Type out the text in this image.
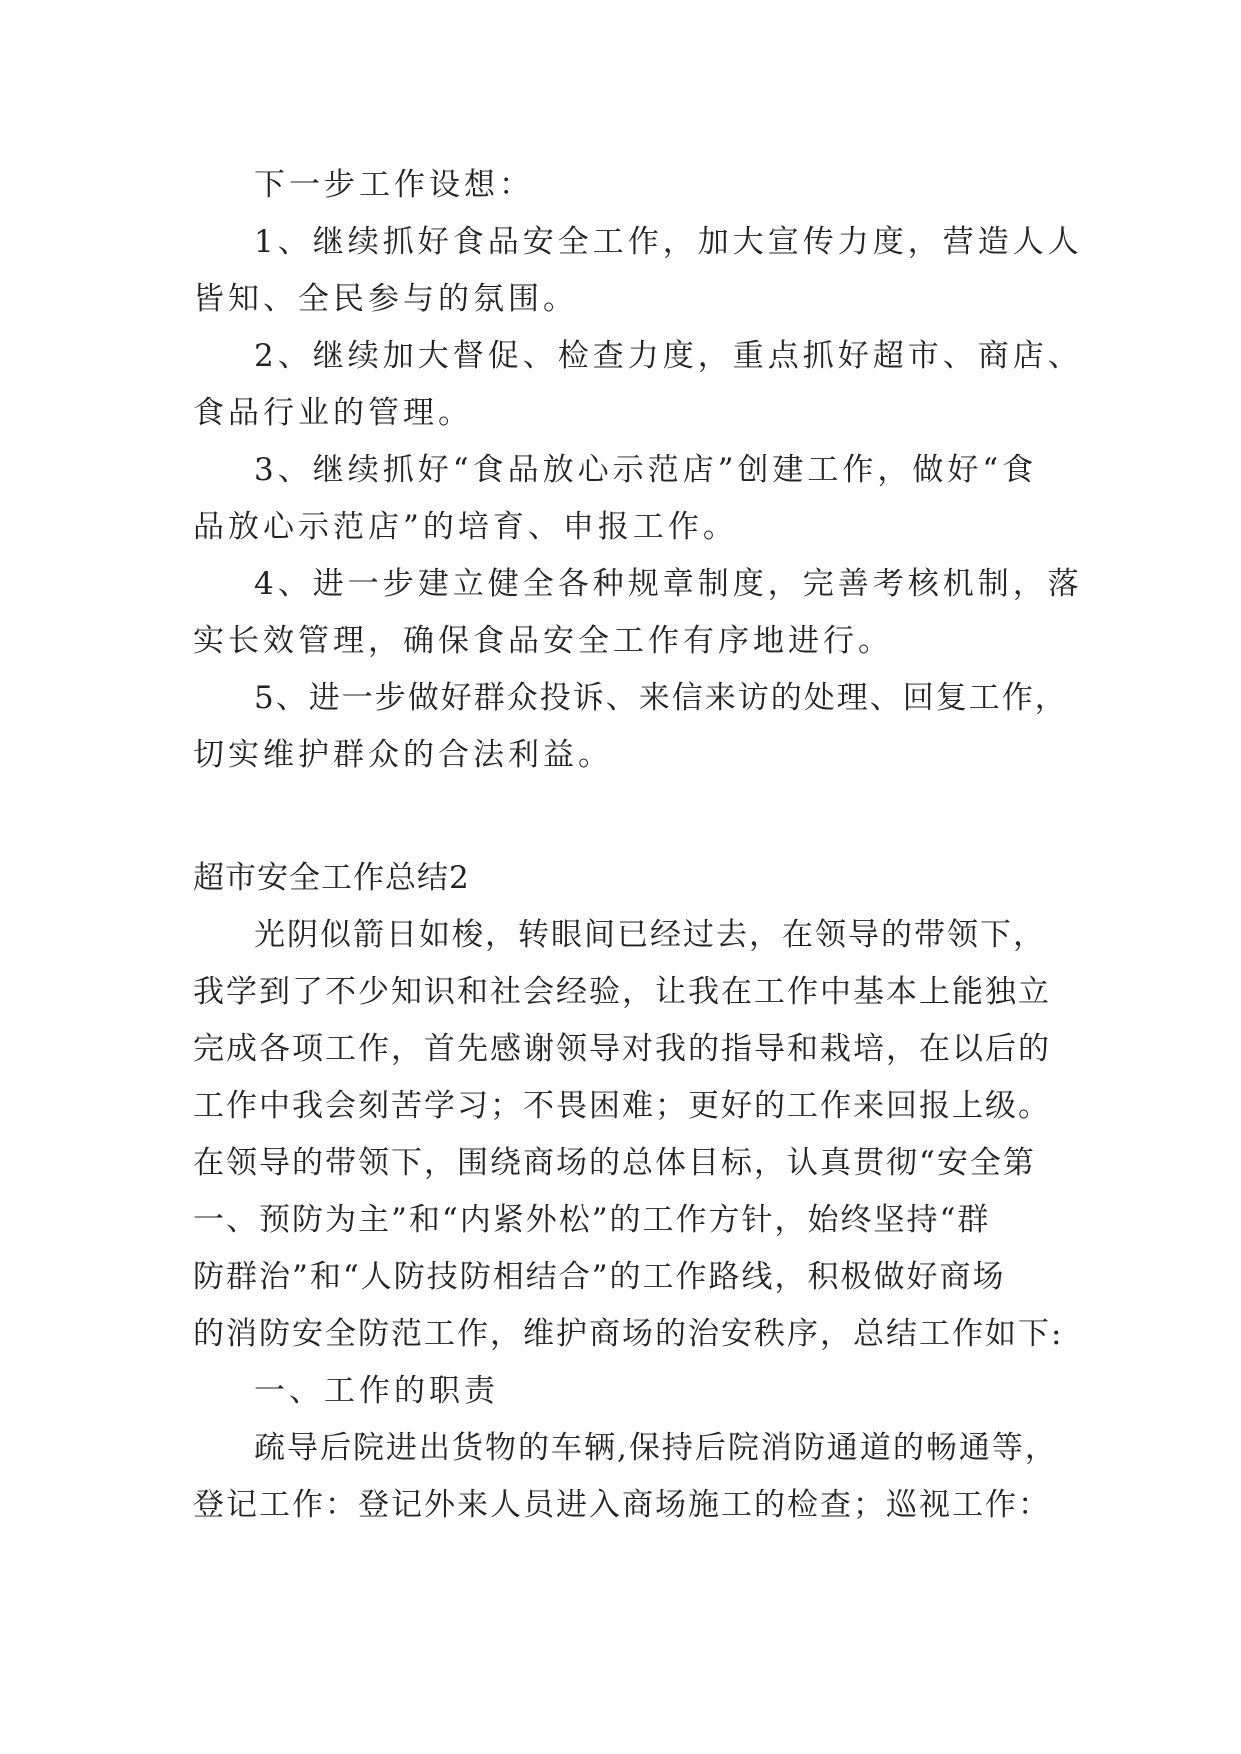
下一步工作设想：

1、继续抓好食品安全工作，加大宣传力度，营造人人

皆知、全民参与的氛围。

2、继续加大督促、检查力度，重点抓好超市、商店、

食品行业的管理。

3、继续抓好“食品放心示范店”创建工作，做好“食

品放心示范店”的培育、申报工作。

4、进一步建立健全各种规章制度，完善考核机制，落

实长效管理，确保食品安全工作有序地进行。

5、进一步做好群众投诉、来信来访的处理、回复工作，

切实维护群众的合法利益。

超市安全工作总结2

光阴似箭日如梭，转眼间已经过去，在领导的带领下，

我学到了不少知识和社会经验，让我在工作中基本上能独立

完成各项工作，首先感谢领导对我的指导和栽培，在以后的

工作中我会刻苦学习；不畏困难；更好的工作来回报上级。

在领导的带领下，围绕商场的总体目标，认真贯彻“安全第

一、预防为主”和“内紧外松”的工作方针，始终坚持“群

防群治”和“人防技防相结合”的工作路线，积极做好商场

的消防安全防范工作，维护商场的治安秩序，总结工作如下:

一、工作的职责

疏导后院进出货物的车辆,保持后院消防通道的畅通等，

登记工作：登记外来人员进入商场施工的检查；巡视工作：
